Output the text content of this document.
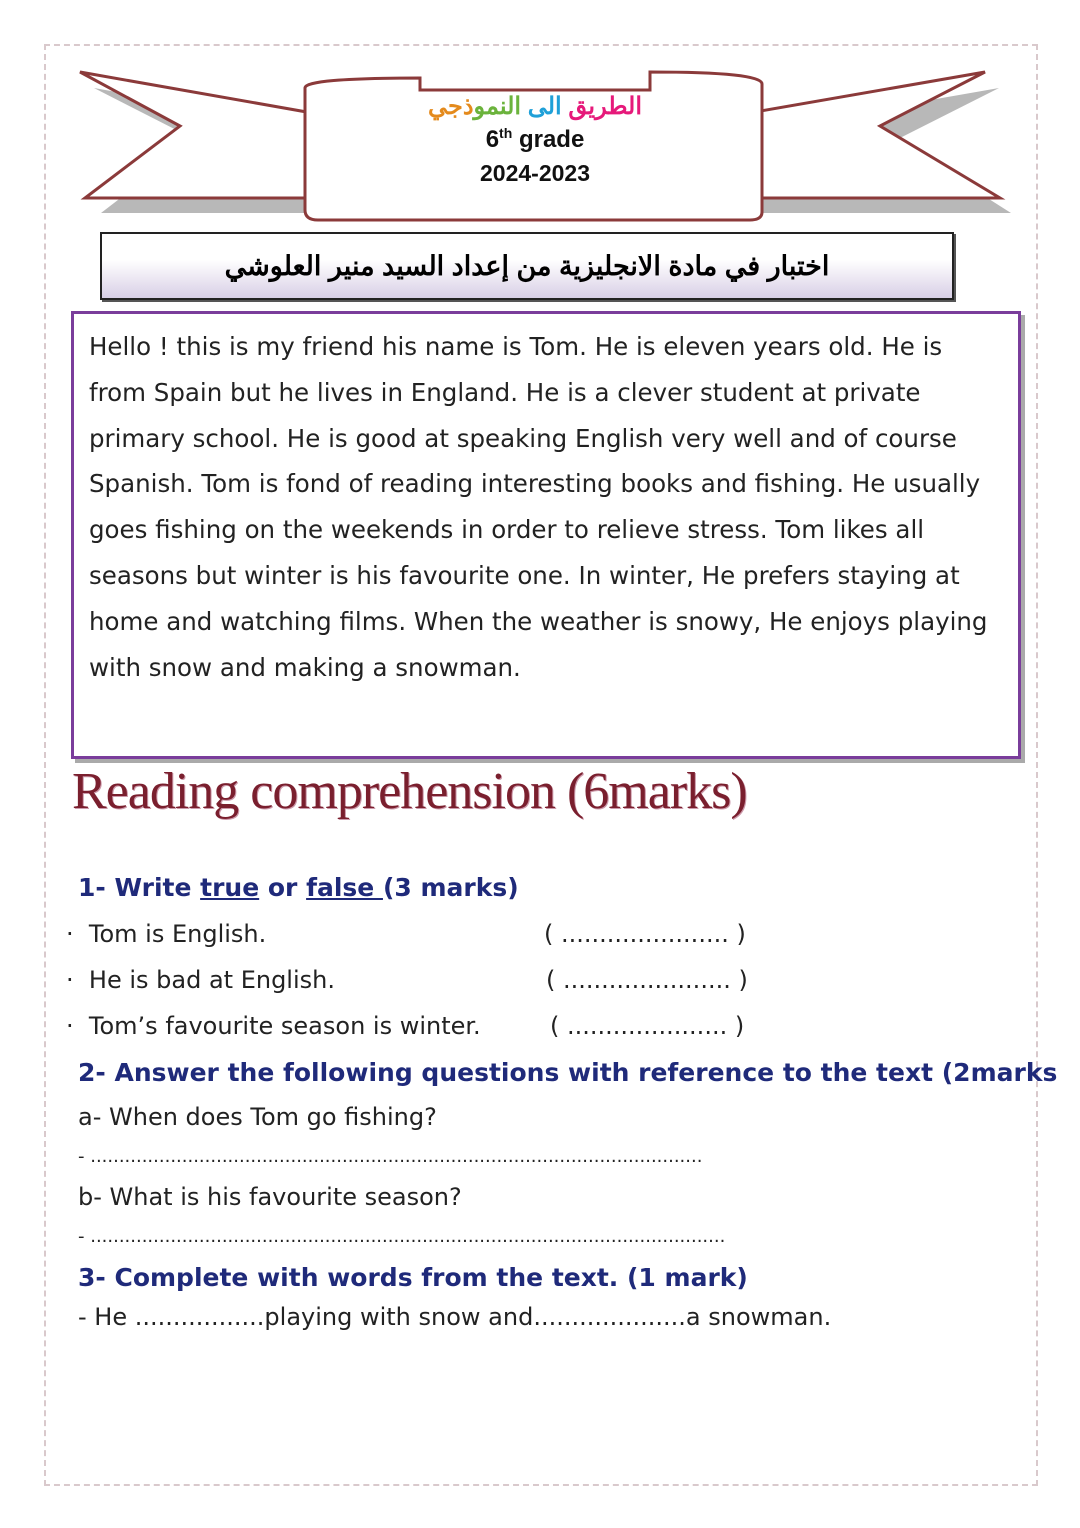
الطريق الى النموذجي
6th grade
2024-2023
اختبار في مادة الانجليزية من إعداد السيد منير العلوشي

Hello ! this is my friend his name is Tom. He is eleven years old. He is from Spain but he lives in England. He is a clever student at private primary school. He is good at speaking English very well and of course Spanish. Tom is fond of reading interesting books and fishing. He usually goes fishing on the weekends in order to relieve stress. Tom likes all seasons but winter is his favourite one. In winter, He prefers staying at home and watching films. When the weather is snowy, He enjoys playing with snow and making a snowman.

Reading comprehension (6marks)
1- Write true or false (3 marks)
· Tom is English.	( ...................... )
· He is bad at English.	( ...................... )
· Tom’s favourite season is winter.	( ..................... )
2- Answer the following questions with reference to the text (2marks
a- When does Tom go fishing?
- ...........................................................................................................
b- What is his favourite season?
- ...............................................................................................................
3- Complete with words from the text. (1 mark)
- He .................playing with snow and....................a snowman.
